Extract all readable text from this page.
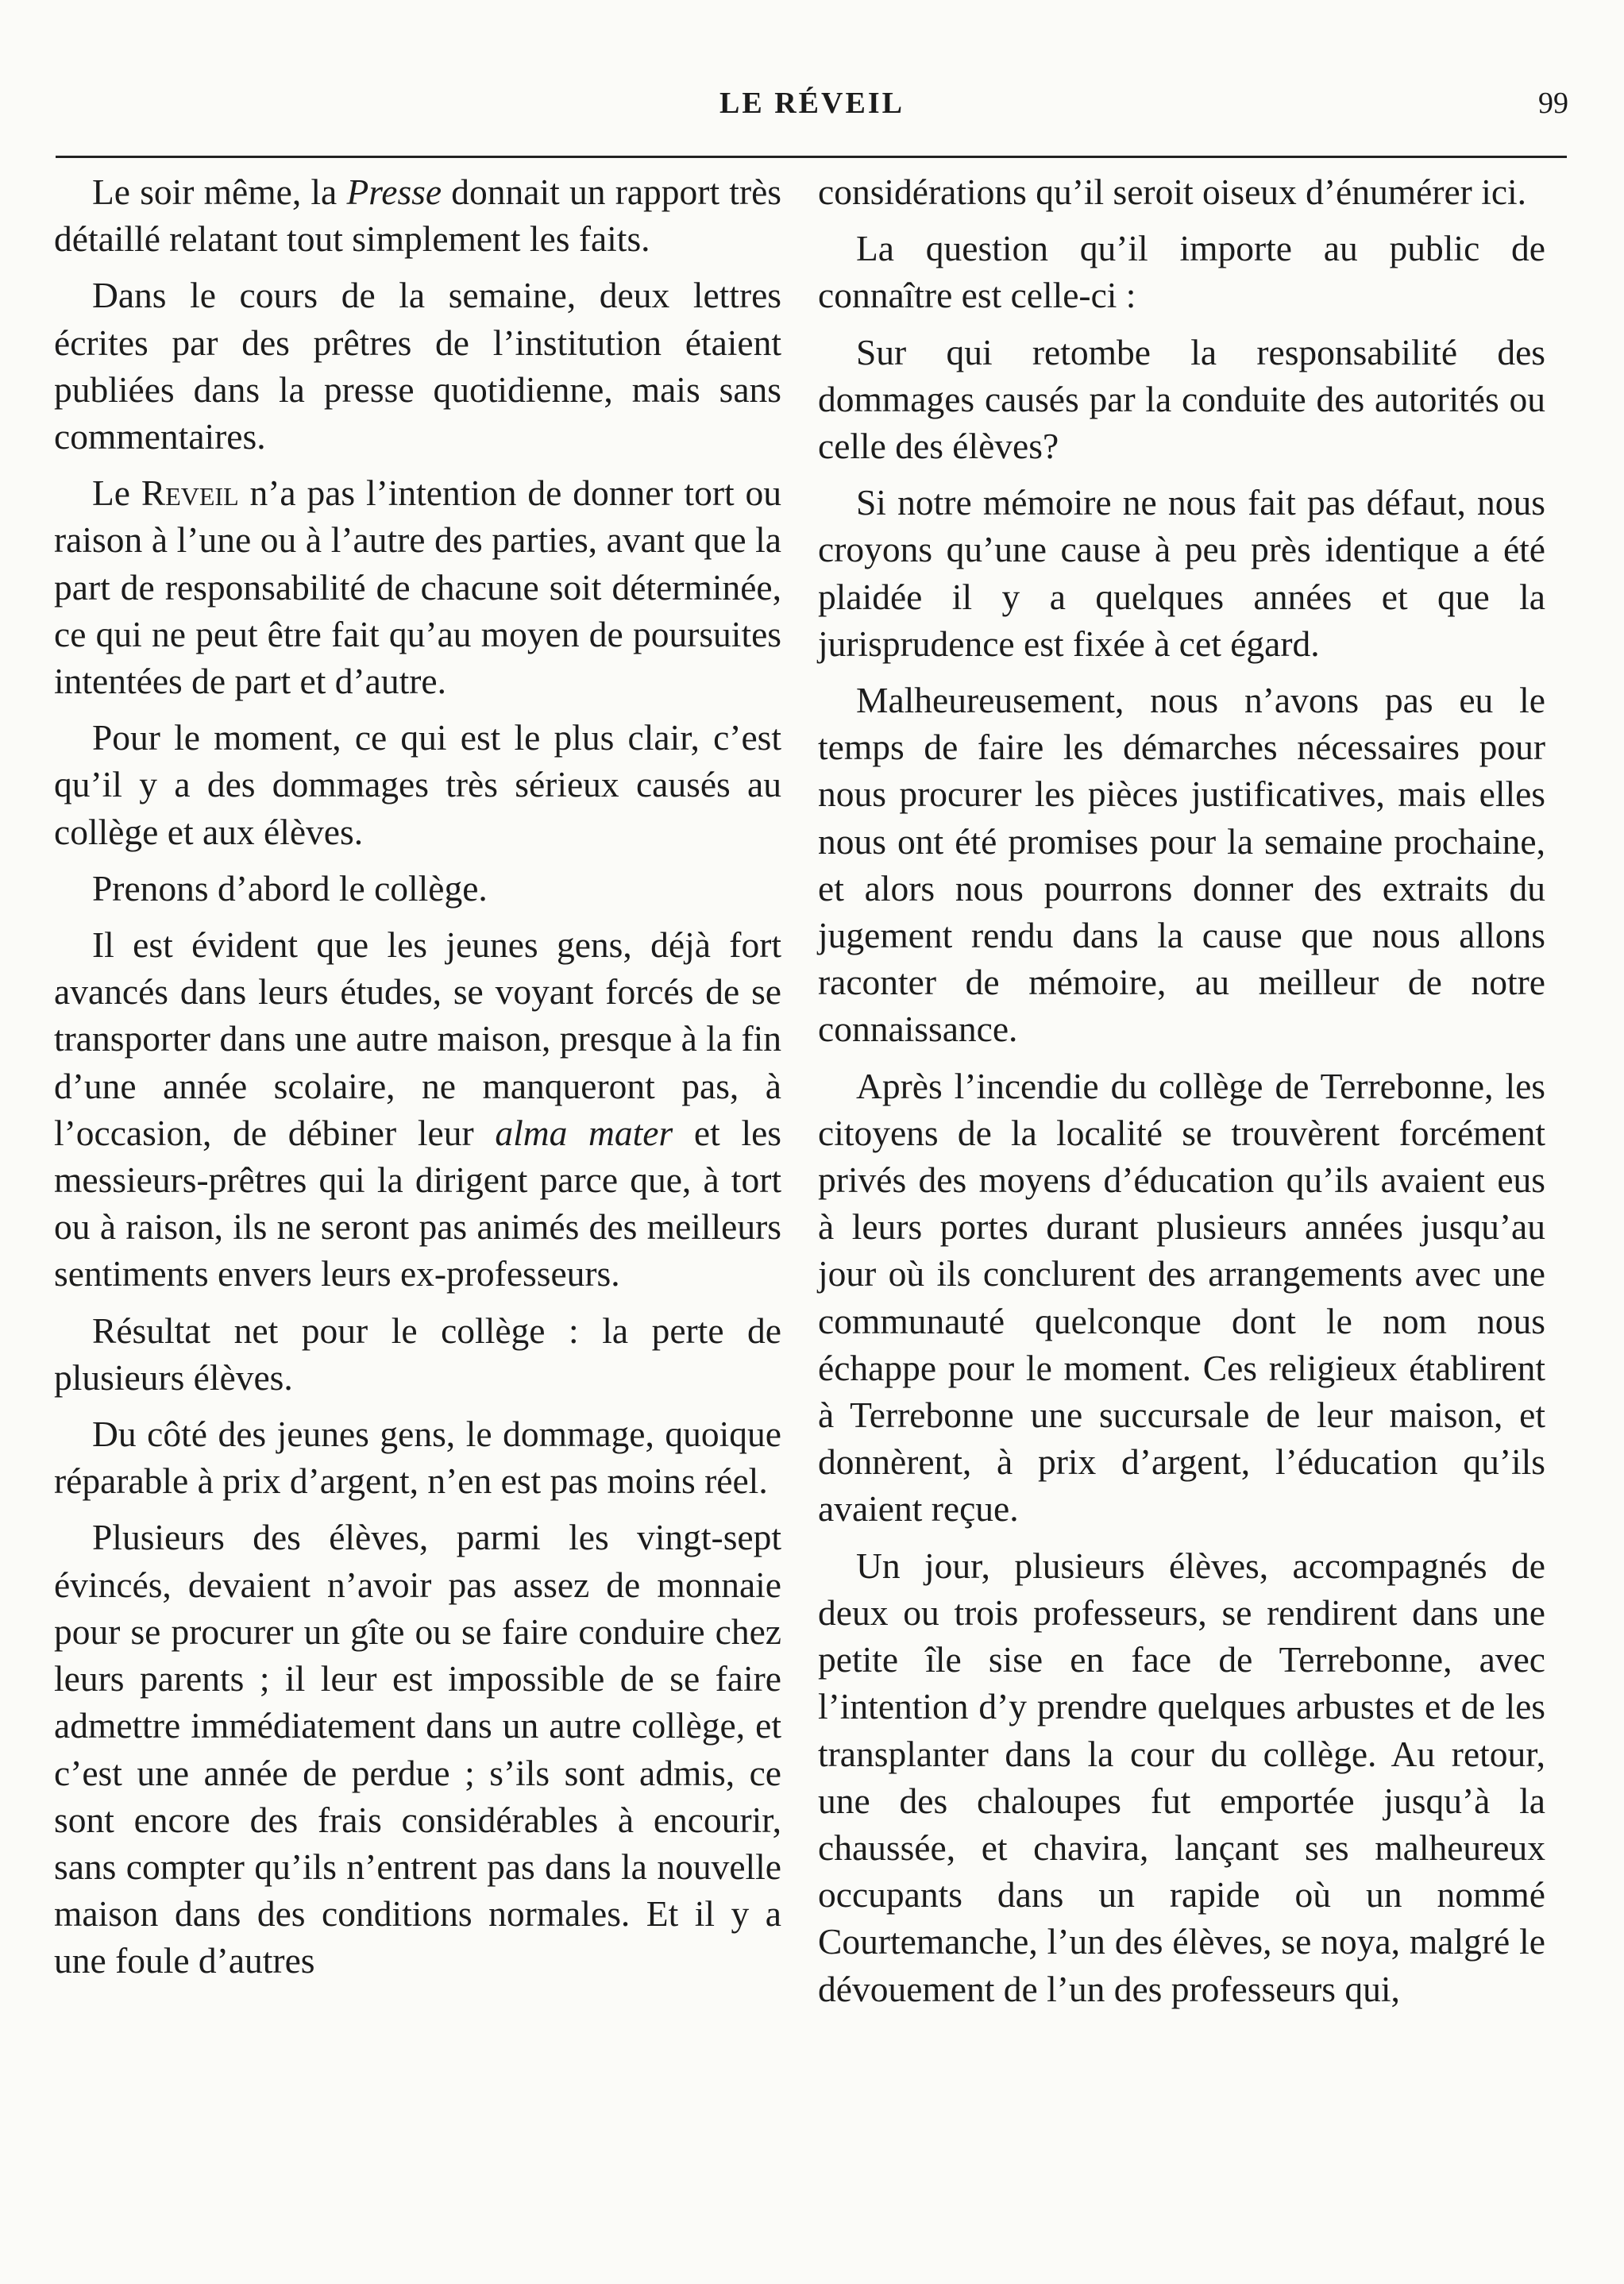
LE RÉVEIL	99

Le soir même, la Presse donnait un rapport très détaillé relatant tout simplement les faits.

Dans le cours de la semaine, deux lettres écrites par des prêtres de l’institution étaient publiées dans la presse quotidienne, mais sans commentaires.

Le Reveil n’a pas l’intention de donner tort ou raison à l’une ou à l’autre des parties, avant que la part de responsabilité de chacune soit déterminée, ce qui ne peut être fait qu’au moyen de poursuites intentées de part et d’autre.

Pour le moment, ce qui est le plus clair, c’est qu’il y a des dommages très sérieux causés au collège et aux élèves.

Prenons d’abord le collège.

Il est évident que les jeunes gens, déjà fort avancés dans leurs études, se voyant forcés de se transporter dans une autre maison, presque à la fin d’une année scolaire, ne manqueront pas, à l’occasion, de débiner leur alma mater et les messieurs-prêtres qui la dirigent parce que, à tort ou à raison, ils ne seront pas animés des meilleurs sentiments envers leurs ex-professeurs.

Résultat net pour le collège : la perte de plusieurs élèves.

Du côté des jeunes gens, le dommage, quoique réparable à prix d’argent, n’en est pas moins réel.

Plusieurs des élèves, parmi les vingt-sept évincés, devaient n’avoir pas assez de monnaie pour se procurer un gîte ou se faire conduire chez leurs parents ; il leur est impossible de se faire admettre immédiatement dans un autre collège, et c’est une année de perdue ; s’ils sont admis, ce sont encore des frais considérables à encourir, sans compter qu’ils n’entrent pas dans la nouvelle maison dans des conditions normales. Et il y a une foule d’autres

considérations qu’il seroit oiseux d’énumérer ici.

La question qu’il importe au public de connaître est celle-ci :

Sur qui retombe la responsabilité des dommages causés par la conduite des autorités ou celle des élèves?

Si notre mémoire ne nous fait pas défaut, nous croyons qu’une cause à peu près identique a été plaidée il y a quelques années et que la jurisprudence est fixée à cet égard.

Malheureusement, nous n’avons pas eu le temps de faire les démarches nécessaires pour nous procurer les pièces justificatives, mais elles nous ont été promises pour la semaine prochaine, et alors nous pourrons donner des extraits du jugement rendu dans la cause que nous allons raconter de mémoire, au meilleur de notre connaissance.

Après l’incendie du collège de Terrebonne, les citoyens de la localité se trouvèrent forcément privés des moyens d’éducation qu’ils avaient eus à leurs portes durant plusieurs années jusqu’au jour où ils conclurent des arrangements avec une communauté quelconque dont le nom nous échappe pour le moment. Ces religieux établirent à Terrebonne une succursale de leur maison, et donnèrent, à prix d’argent, l’éducation qu’ils avaient reçue.

Un jour, plusieurs élèves, accompagnés de deux ou trois professeurs, se rendirent dans une petite île sise en face de Terrebonne, avec l’intention d’y prendre quelques arbustes et de les transplanter dans la cour du collège. Au retour, une des chaloupes fut emportée jusqu’à la chaussée, et chavira, lançant ses malheureux occupants dans un rapide où un nommé Courtemanche, l’un des élèves, se noya, malgré le dévouement de l’un des professeurs qui,
